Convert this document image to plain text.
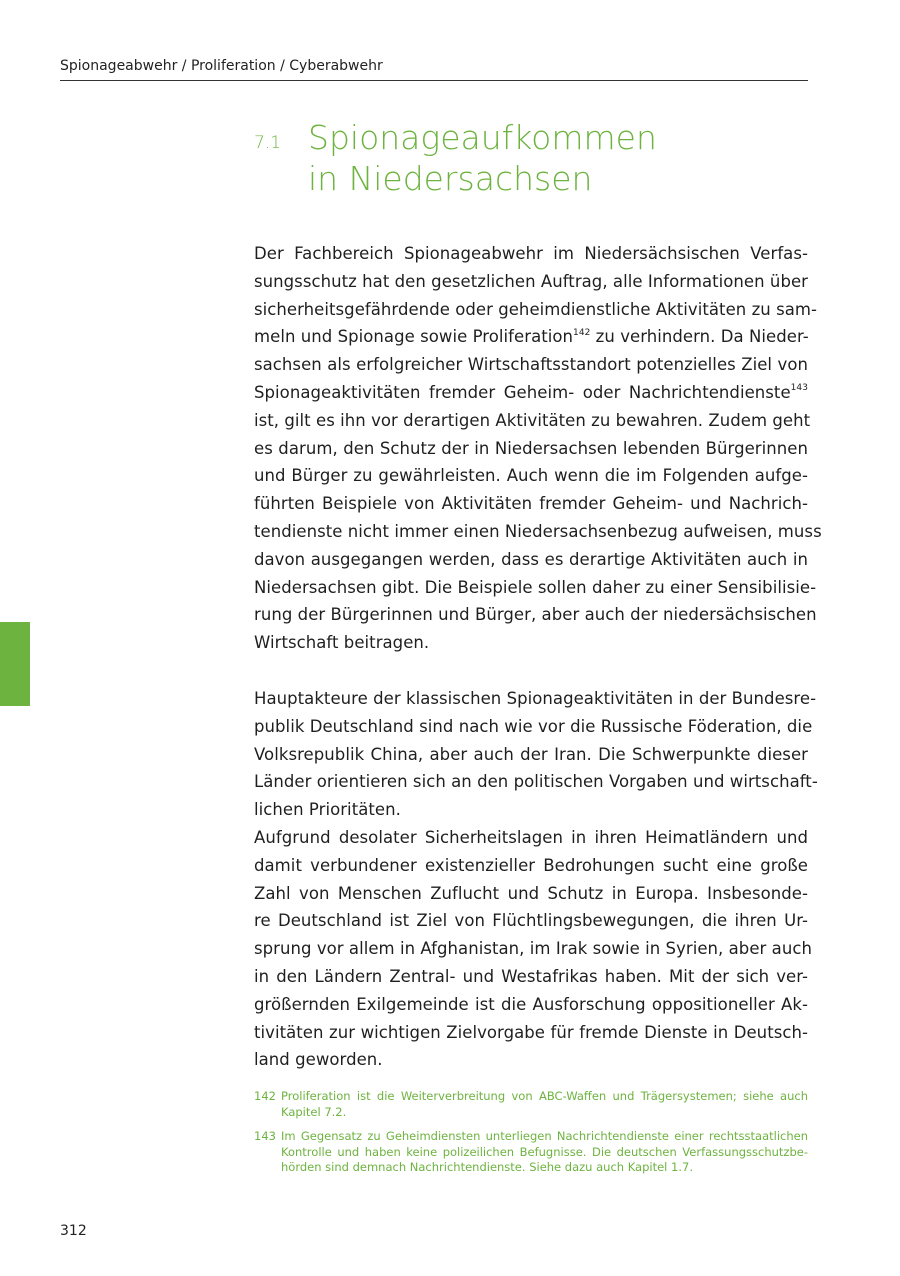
Spionageabwehr / Proliferation / Cyberabwehr
7.1 Spionageaufkommen
in Niedersachsen
Der Fachbereich Spionageabwehr im Niedersächsischen Verfas-
sungsschutz hat den gesetzlichen Auftrag, alle Informationen über
sicherheitsgefährdende oder geheimdienstliche Aktivitäten zu sam-
meln und Spionage sowie Proliferation$^{142}$ zu verhindern. Da Nieder-
sachsen als erfolgreicher Wirtschaftsstandort potenzielles Ziel von
Spionageaktivitäten fremder Geheim- oder Nachrichtendienste$^{143}$
ist, gilt es ihn vor derartigen Aktivitäten zu bewahren. Zudem geht
es darum, den Schutz der in Niedersachsen lebenden Bürgerinnen
und Bürger zu gewährleisten. Auch wenn die im Folgenden aufge-
führten Beispiele von Aktivitäten fremder Geheim- und Nachrich-
tendienste nicht immer einen Niedersachsenbezug aufweisen, muss
davon ausgegangen werden, dass es derartige Aktivitäten auch in
Niedersachsen gibt. Die Beispiele sollen daher zu einer Sensibilisie-
rung der Bürgerinnen und Bürger, aber auch der niedersächsischen
Wirtschaft beitragen.
Hauptakteure der klassischen Spionageaktivitäten in der Bundesre-
publik Deutschland sind nach wie vor die Russische Föderation, die
Volksrepublik China, aber auch der Iran. Die Schwerpunkte dieser
Länder orientieren sich an den politischen Vorgaben und wirtschaft-
lichen Prioritäten.
Aufgrund desolater Sicherheitslagen in ihren Heimatländern und
damit verbundener existenzieller Bedrohungen sucht eine große
Zahl von Menschen Zuflucht und Schutz in Europa. Insbesonde-
re Deutschland ist Ziel von Flüchtlingsbewegungen, die ihren Ur-
sprung vor allem in Afghanistan, im Irak sowie in Syrien, aber auch
in den Ländern Zentral- und Westafrikas haben. Mit der sich ver-
größernden Exilgemeinde ist die Ausforschung oppositioneller Ak-
tivitäten zur wichtigen Zielvorgabe für fremde Dienste in Deutsch-
land geworden.
142 Proliferation ist die Weiterverbreitung von ABC-Waffen und Trägersystemen; siehe auch
Kapitel 7.2.
143 Im Gegensatz zu Geheimdiensten unterliegen Nachrichtendienste einer rechtsstaatlichen
Kontrolle und haben keine polizeilichen Befugnisse. Die deutschen Verfassungsschutzbe-
hörden sind demnach Nachrichtendienste. Siehe dazu auch Kapitel 1.7.
312
